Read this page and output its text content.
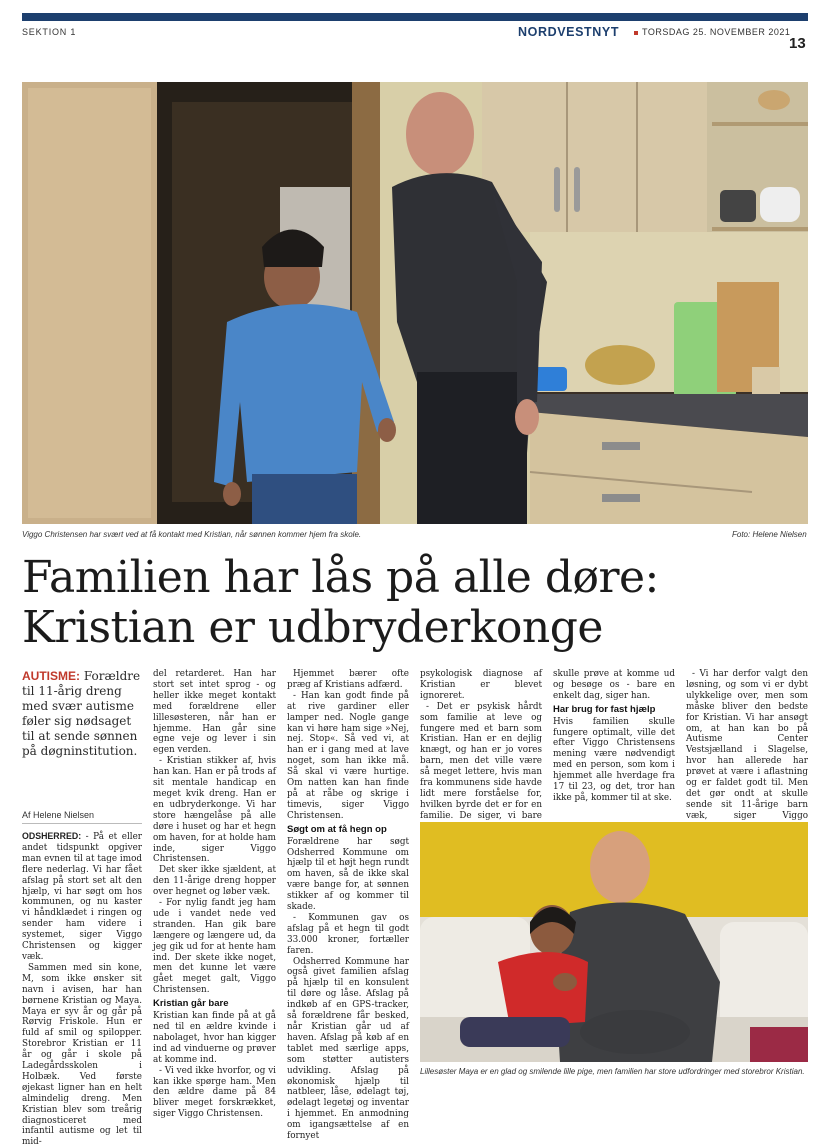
SEKTION 1	NORDVESTNYT	TORSDAG 25. NOVEMBER 2021
13
Viggo Christensen har svært ved at få kontakt med Kristian, når sønnen kommer hjem fra skole.	Foto: Helene Nielsen
Familien har lås på alle døre:
Kristian er udbryderkonge
AUTISME: Forældre til 11-årig dreng med svær autisme føler sig nødsaget til at sende sønnen på døgninstitution.
Af Helene Nielsen

ODSHERRED: - På et eller andet tidspunkt opgiver man evnen til at tage imod flere nederlag. Vi har fået afslag på stort set alt den hjælp, vi har søgt om hos kommunen, og nu kaster vi håndklædet i ringen og sender ham videre i systemet, siger Viggo Christensen og kigger væk.

Sammen med sin kone, M, som ikke ønsker sit navn i avisen, har han børnene Kristian og Maya. Maya er syv år og går på Rørvig Friskole. Hun er fuld af smil og spilopper. Storebror Kristian er 11 år og går i skole på Ladegårdsskolen i Holbæk. Ved første øjekast ligner han en helt almindelig dreng. Men Kristian blev som treårig diagnosticeret med infantil autisme og let til mid-

del retarderet. Han har stort set intet sprog - og heller ikke meget kontakt med forældrene eller lillesøsteren, når han er hjemme. Han går sine egne veje og lever i sin egen verden.

- Kristian stikker af, hvis han kan. Han er på trods af sit mentale handicap en meget kvik dreng. Han er en udbryderkonge. Vi har store hængelåse på alle døre i huset og har et hegn om haven, for at holde ham inde, siger Viggo Christensen.

Det sker ikke sjældent, at den 11-årige dreng hopper over hegnet og løber væk.

- For nylig fandt jeg ham ude i vandet nede ved stranden. Han gik bare længere og længere ud, da jeg gik ud for at hente ham ind. Der skete ikke noget, men det kunne let være gået meget galt, Viggo Christensen.

Kristian går bare

Kristian kan finde på at gå ned til en ældre kvinde i nabolaget, hvor han kigger ind ad vinduerne og prøver at komme ind.

- Vi ved ikke hvorfor, og vi kan ikke spørge ham. Men den ældre dame på 84 bliver meget forskrækket, siger Viggo Christensen.

Hjemmet bærer ofte præg af Kristians adfærd.

- Han kan godt finde på at rive gardiner eller lamper ned. Nogle gange kan vi høre ham sige »Nej, nej. Stop«. Så ved vi, at han er i gang med at lave noget, som han ikke må. Så skal vi være hurtige. Om natten kan han finde på at råbe og skrige i timevis, siger Viggo Christensen.

Søgt om at få hegn op

Forældrene har søgt Odsherred Kommune om hjælp til et højt hegn rundt om haven, så de ikke skal være bange for, at sønnen stikker af og kommer til skade.

- Kommunen gav os afslag på et hegn til godt 33.000 kroner, fortæller faren.

Odsherred Kommune har også givet familien afslag på hjælp til en konsulent til døre og låse. Afslag på indkøb af en GPS-tracker, så forældrene får besked, når Kristian går ud af haven. Afslag på køb af en tablet med særlige apps, som støtter autisters udvikling. Afslag på økonomisk hjælp til natbleer, låse, ødelagt tøj, ødelagt legetøj og inventar i hjemmet. En anmodning om igangsættelse af en fornyet

psykologisk diagnose af Kristian er blevet ignoreret.

- Det er psykisk hårdt som familie at leve og fungere med et barn som Kristian. Han er en dejlig knægt, og han er jo vores barn, men det ville være så meget lettere, hvis man fra kommunens side havde lidt mere forståelse for, hvilken byrde det er for en familie. De siger, vi bare

skulle prøve at komme ud og besøge os - bare en enkelt dag, siger han.

Har brug for fast hjælp

Hvis familien skulle fungere optimalt, ville det efter Viggo Christensens mening være nødvendigt med en person, som kom i hjemmet alle hverdage fra 17 til 23, og det, tror han ikke på, kommer til at ske.

- Vi har derfor valgt den løsning, og som vi er dybt ulykkelige over, men som måske bliver den bedste for Kristian. Vi har ansøgt om, at han kan bo på Autisme Center Vestsjælland i Slagelse, hvor han allerede har prøvet at være i aflastning og er faldet godt til. Men det gør ondt at skulle sende sit 11-årige barn væk, siger Viggo

Lillesøster Maya er en glad og smilende lille pige, men familien har store udfordringer med storebror Kristian.
